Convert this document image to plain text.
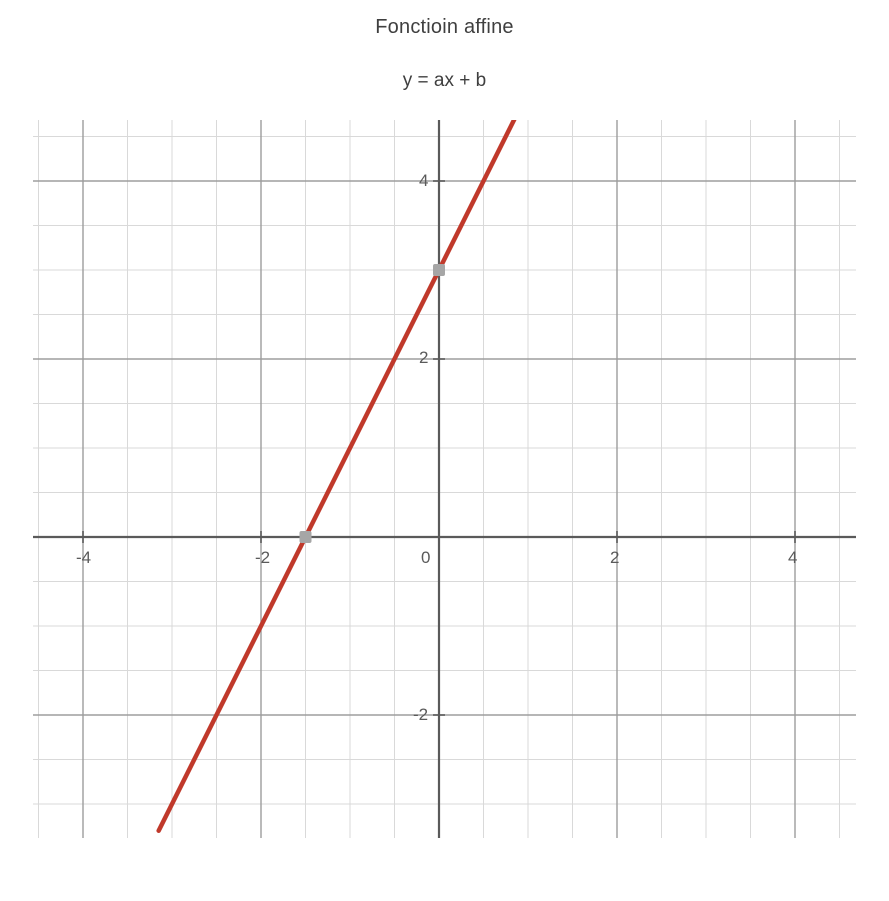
Fonctioin affine
y = ax + b
-4	-2	0	2	4
4
2
-2
